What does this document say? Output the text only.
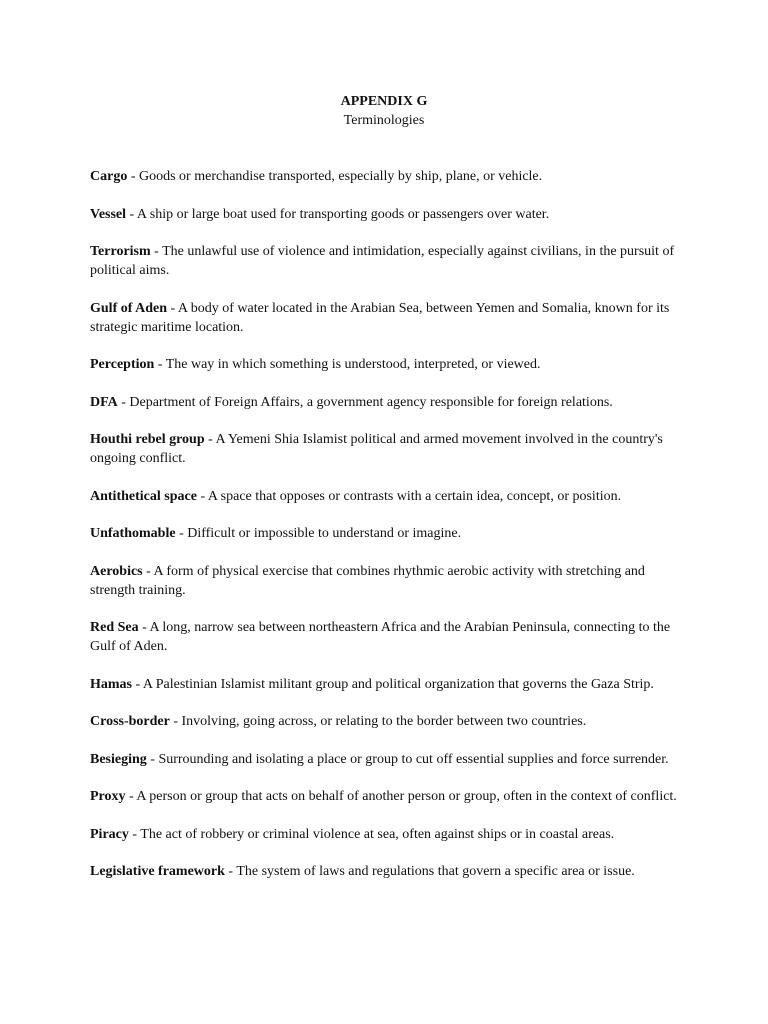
APPENDIX G
Terminologies
Cargo - Goods or merchandise transported, especially by ship, plane, or vehicle.
Vessel - A ship or large boat used for transporting goods or passengers over water.
Terrorism - The unlawful use of violence and intimidation, especially against civilians, in the pursuit of political aims.
Gulf of Aden - A body of water located in the Arabian Sea, between Yemen and Somalia, known for its strategic maritime location.
Perception - The way in which something is understood, interpreted, or viewed.
DFA - Department of Foreign Affairs, a government agency responsible for foreign relations.
Houthi rebel group - A Yemeni Shia Islamist political and armed movement involved in the country's ongoing conflict.
Antithetical space - A space that opposes or contrasts with a certain idea, concept, or position.
Unfathomable - Difficult or impossible to understand or imagine.
Aerobics - A form of physical exercise that combines rhythmic aerobic activity with stretching and strength training.
Red Sea - A long, narrow sea between northeastern Africa and the Arabian Peninsula, connecting to the Gulf of Aden.
Hamas - A Palestinian Islamist militant group and political organization that governs the Gaza Strip.
Cross-border - Involving, going across, or relating to the border between two countries.
Besieging - Surrounding and isolating a place or group to cut off essential supplies and force surrender.
Proxy - A person or group that acts on behalf of another person or group, often in the context of conflict.
Piracy - The act of robbery or criminal violence at sea, often against ships or in coastal areas.
Legislative framework - The system of laws and regulations that govern a specific area or issue.
